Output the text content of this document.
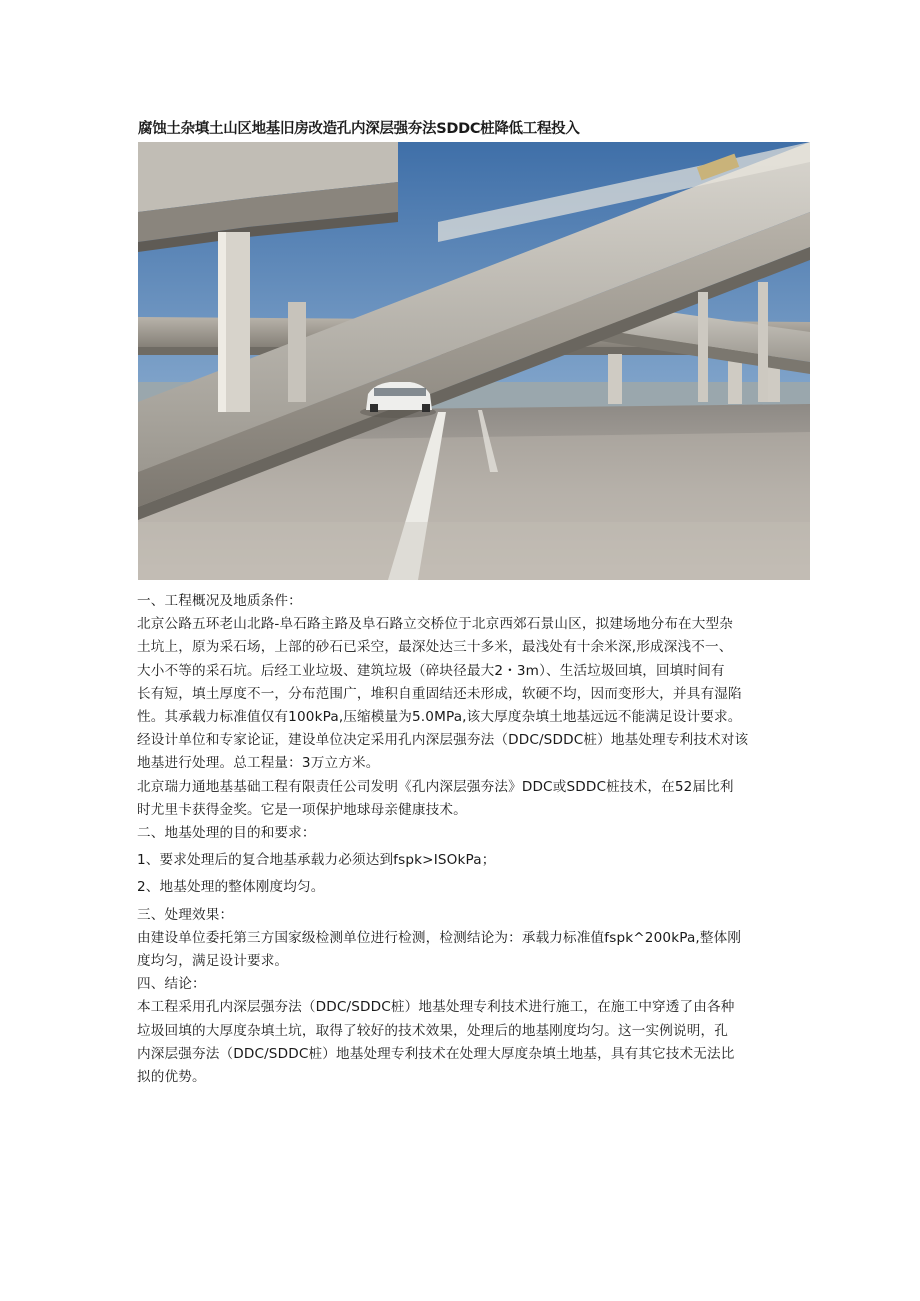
腐蚀土杂填土山区地基旧房改造孔内深层强夯法SDDC桩降低工程投入
一、工程概况及地质条件：
北京公路五环老山北路-阜石路主路及阜石路立交桥位于北京西郊石景山区，拟建场地分布在大型杂
土坑上，原为采石场，上部的砂石已采空，最深处达三十多米，最浅处有十余米深,形成深浅不一、
大小不等的采石坑。后经工业垃圾、建筑垃圾（碎块径最大2・3m）、生活垃圾回填，回填时间有
长有短，填土厚度不一，分布范围广，堆积自重固结还未形成，软硬不均，因而变形大，并具有湿陷
性。其承载力标准值仅有100kPa,压缩模量为5.0MPa,该大厚度杂填土地基远远不能满足设计要求。
经设计单位和专家论证，建设单位决定采用孔内深层强夯法（DDC∕SDDC桩）地基处理专利技术对该
地基进行处理。总工程量：3万立方米。
北京瑞力通地基基础工程有限责任公司发明《孔内深层强夯法》DDC或SDDC桩技术，在52届比利
时尤里卡获得金奖。它是一项保护地球母亲健康技术。
二、地基处理的目的和要求：
1、要求处理后的复合地基承载力必须达到fspk>ISOkPa；
2、地基处理的整体刚度均匀。
三、处理效果：
由建设单位委托第三方国家级检测单位进行检测，检测结论为：承载力标准值fspk^200kPa,整体刚
度均匀，满足设计要求。
四、结论：
本工程采用孔内深层强夯法（DDC∕SDDC桩）地基处理专利技术进行施工，在施工中穿透了由各种
垃圾回填的大厚度杂填土坑，取得了较好的技术效果，处理后的地基刚度均匀。这一实例说明，孔
内深层强夯法（DDC/SDDC桩）地基处理专利技术在处理大厚度杂填土地基，具有其它技术无法比
拟的优势。
